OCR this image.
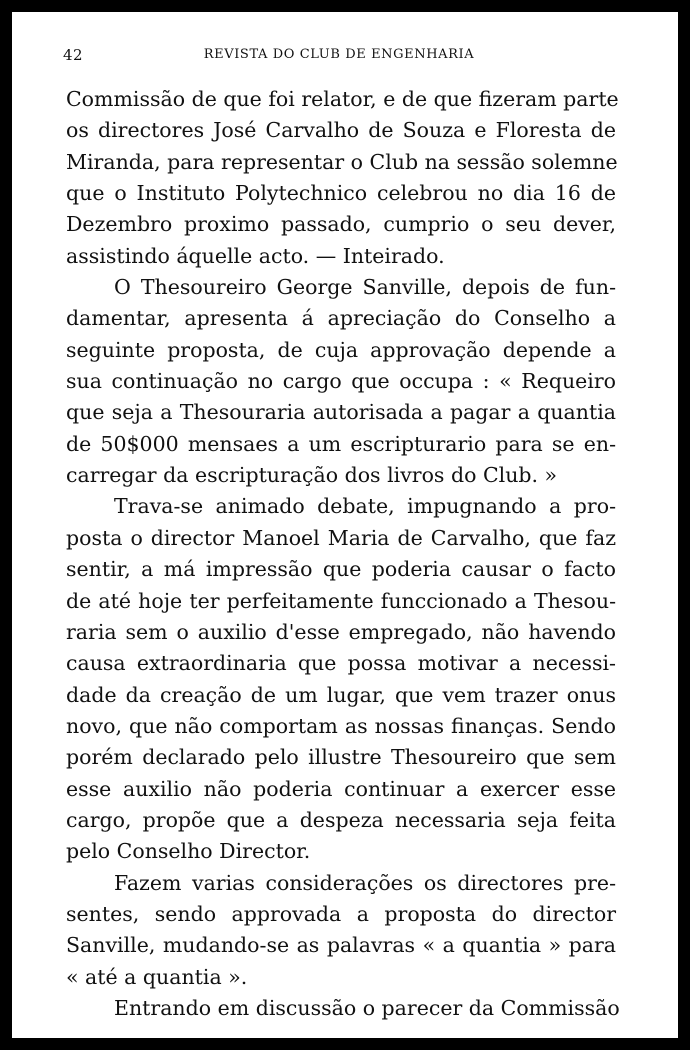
42	REVISTA DO CLUB DE ENGENHARIA

Commissão de que foi relator, e de que fizeram parte
os directores José Carvalho de Souza e Floresta de
Miranda, para representar o Club na sessão solemne
que o Instituto Polytechnico celebrou no dia 16 de
Dezembro proximo passado, cumprio o seu dever,
assistindo áquelle acto. — Inteirado.

O Thesoureiro George Sanville, depois de fun-
damentar, apresenta á apreciação do Conselho a
seguinte proposta, de cuja approvação depende a
sua continuação no cargo que occupa : « Requeiro
que seja a Thesouraria autorisada a pagar a quantia
de 50$000 mensaes a um escripturario para se en-
carregar da escripturação dos livros do Club. »

Trava-se animado debate, impugnando a pro-
posta o director Manoel Maria de Carvalho, que faz
sentir, a má impressão que poderia causar o facto
de até hoje ter perfeitamente funccionado a Thesou-
raria sem o auxilio d'esse empregado, não havendo
causa extraordinaria que possa motivar a necessi-
dade da creação de um lugar, que vem trazer onus
novo, que não comportam as nossas finanças. Sendo
porém declarado pelo illustre Thesoureiro que sem
esse auxilio não poderia continuar a exercer esse
cargo, propõe que a despeza necessaria seja feita
pelo Conselho Director.

Fazem varias considerações os directores pre-
sentes, sendo approvada a proposta do director
Sanville, mudando-se as palavras « a quantia » para
« até a quantia ».

Entrando em discussão o parecer da Commissão
